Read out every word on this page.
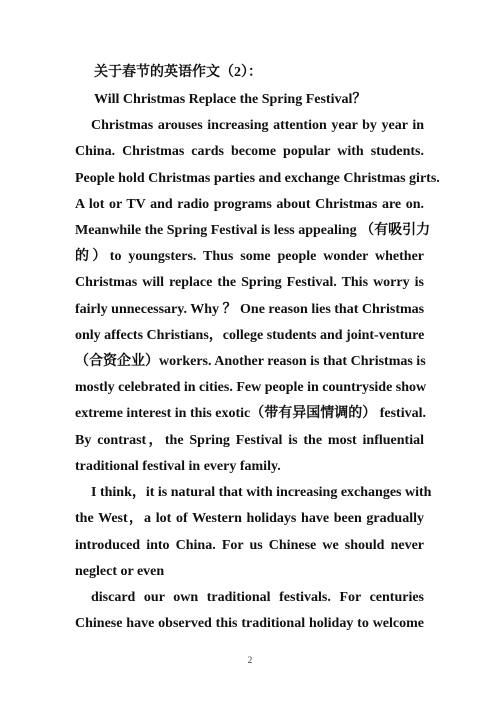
关于春节的英语作文（2）：
Will Christmas Replace the Spring Festival？
Christmas arouses increasing attention year by year in
China. Christmas cards become popular with students.
People hold Christmas parties and exchange Christmas girts.
A lot or TV and radio programs about Christmas are on.
Meanwhile the Spring Festival is less appealing （有吸引力
的）to youngsters. Thus some people wonder whether
Christmas will replace the Spring Festival. This worry is
fairly unnecessary. Why ？ One reason lies that Christmas
only affects Christians，college students and joint-venture
（合资企业）workers. Another reason is that Christmas is
mostly celebrated in cities. Few people in countryside show
extreme interest in this exotic（带有异国情调的） festival.
By contrast，the Spring Festival is the most influential
traditional festival in every family.
I think，it is natural that with increasing exchanges with
the West，a lot of Western holidays have been gradually
introduced into China. For us Chinese we should never
neglect or even
discard our own traditional festivals. For centuries
Chinese have observed this traditional holiday to welcome
2
